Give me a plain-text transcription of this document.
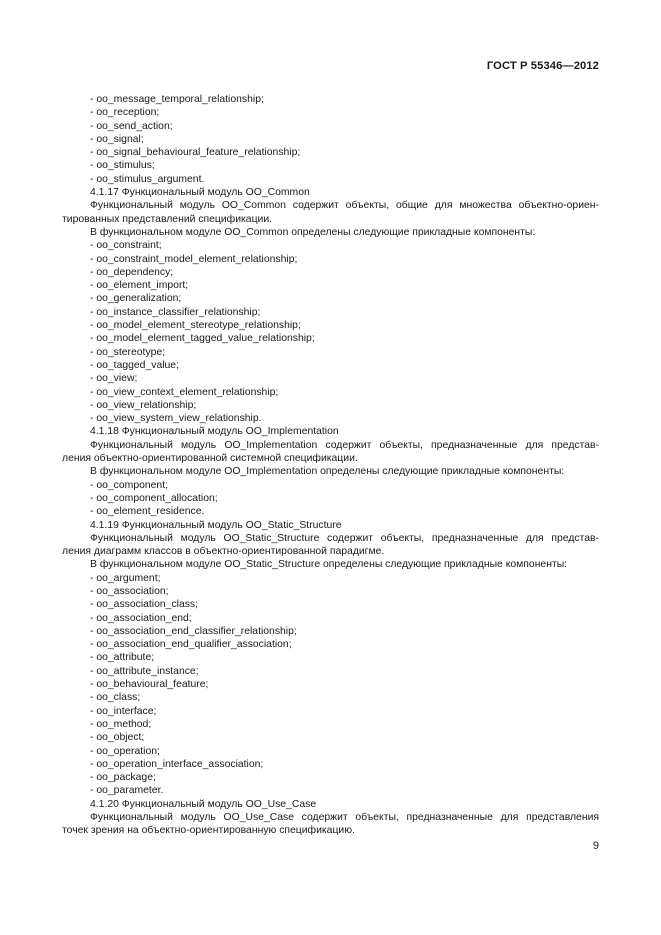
ГОСТ Р 55346—2012
- oo_message_temporal_relationship;
- oo_reception;
- oo_send_action;
- oo_signal;
- oo_signal_behavioural_feature_relationship;
- oo_stimulus;
- oo_stimulus_argument.
4.1.17 Функциональный модуль OO_Common
Функциональный модуль OO_Common содержит объекты, общие для множества объектно-ориен-
тированных представлений спецификации.
В функциональном модуле OO_Common определены следующие прикладные компоненты:
- oo_constraint;
- oo_constraint_model_element_relationship;
- oo_dependency;
- oo_element_import;
- oo_generalization;
- oo_instance_classifier_relationship;
- oo_model_element_stereotype_relationship;
- oo_model_element_tagged_value_relationship;
- oo_stereotype;
- oo_tagged_value;
- oo_view;
- oo_view_context_element_relationship;
- oo_view_relationship;
- oo_view_system_view_relationship.
4.1.18 Функциональный модуль OO_Implementation
Функциональный модуль OO_Implementation содержит объекты, предназначенные для представ-
ления объектно-ориентированной системной спецификации.
В функциональном модуле OO_Implementation определены следующие прикладные компоненты:
- oo_component;
- oo_component_allocation;
- oo_element_residence.
4.1.19 Функциональный модуль OO_Static_Structure
Функциональный модуль OO_Static_Structure содержит объекты, предназначенные для представ-
ления диаграмм классов в объектно-ориентированной парадигме.
В функциональном модуле OO_Static_Structure определены следующие прикладные компоненты:
- oo_argument;
- oo_association;
- oo_association_class;
- oo_association_end;
- oo_association_end_classifier_relationship;
- oo_association_end_qualifier_association;
- oo_attribute;
- oo_attribute_instance;
- oo_behavioural_feature;
- oo_class;
- oo_interface;
- oo_method;
- oo_object;
- oo_operation;
- oo_operation_interface_association;
- oo_package;
- oo_parameter.
4.1.20 Функциональный модуль OO_Use_Case
Функциональный модуль OO_Use_Case содержит объекты, предназначенные для представления
точек зрения на объектно-ориентированную спецификацию.
9
